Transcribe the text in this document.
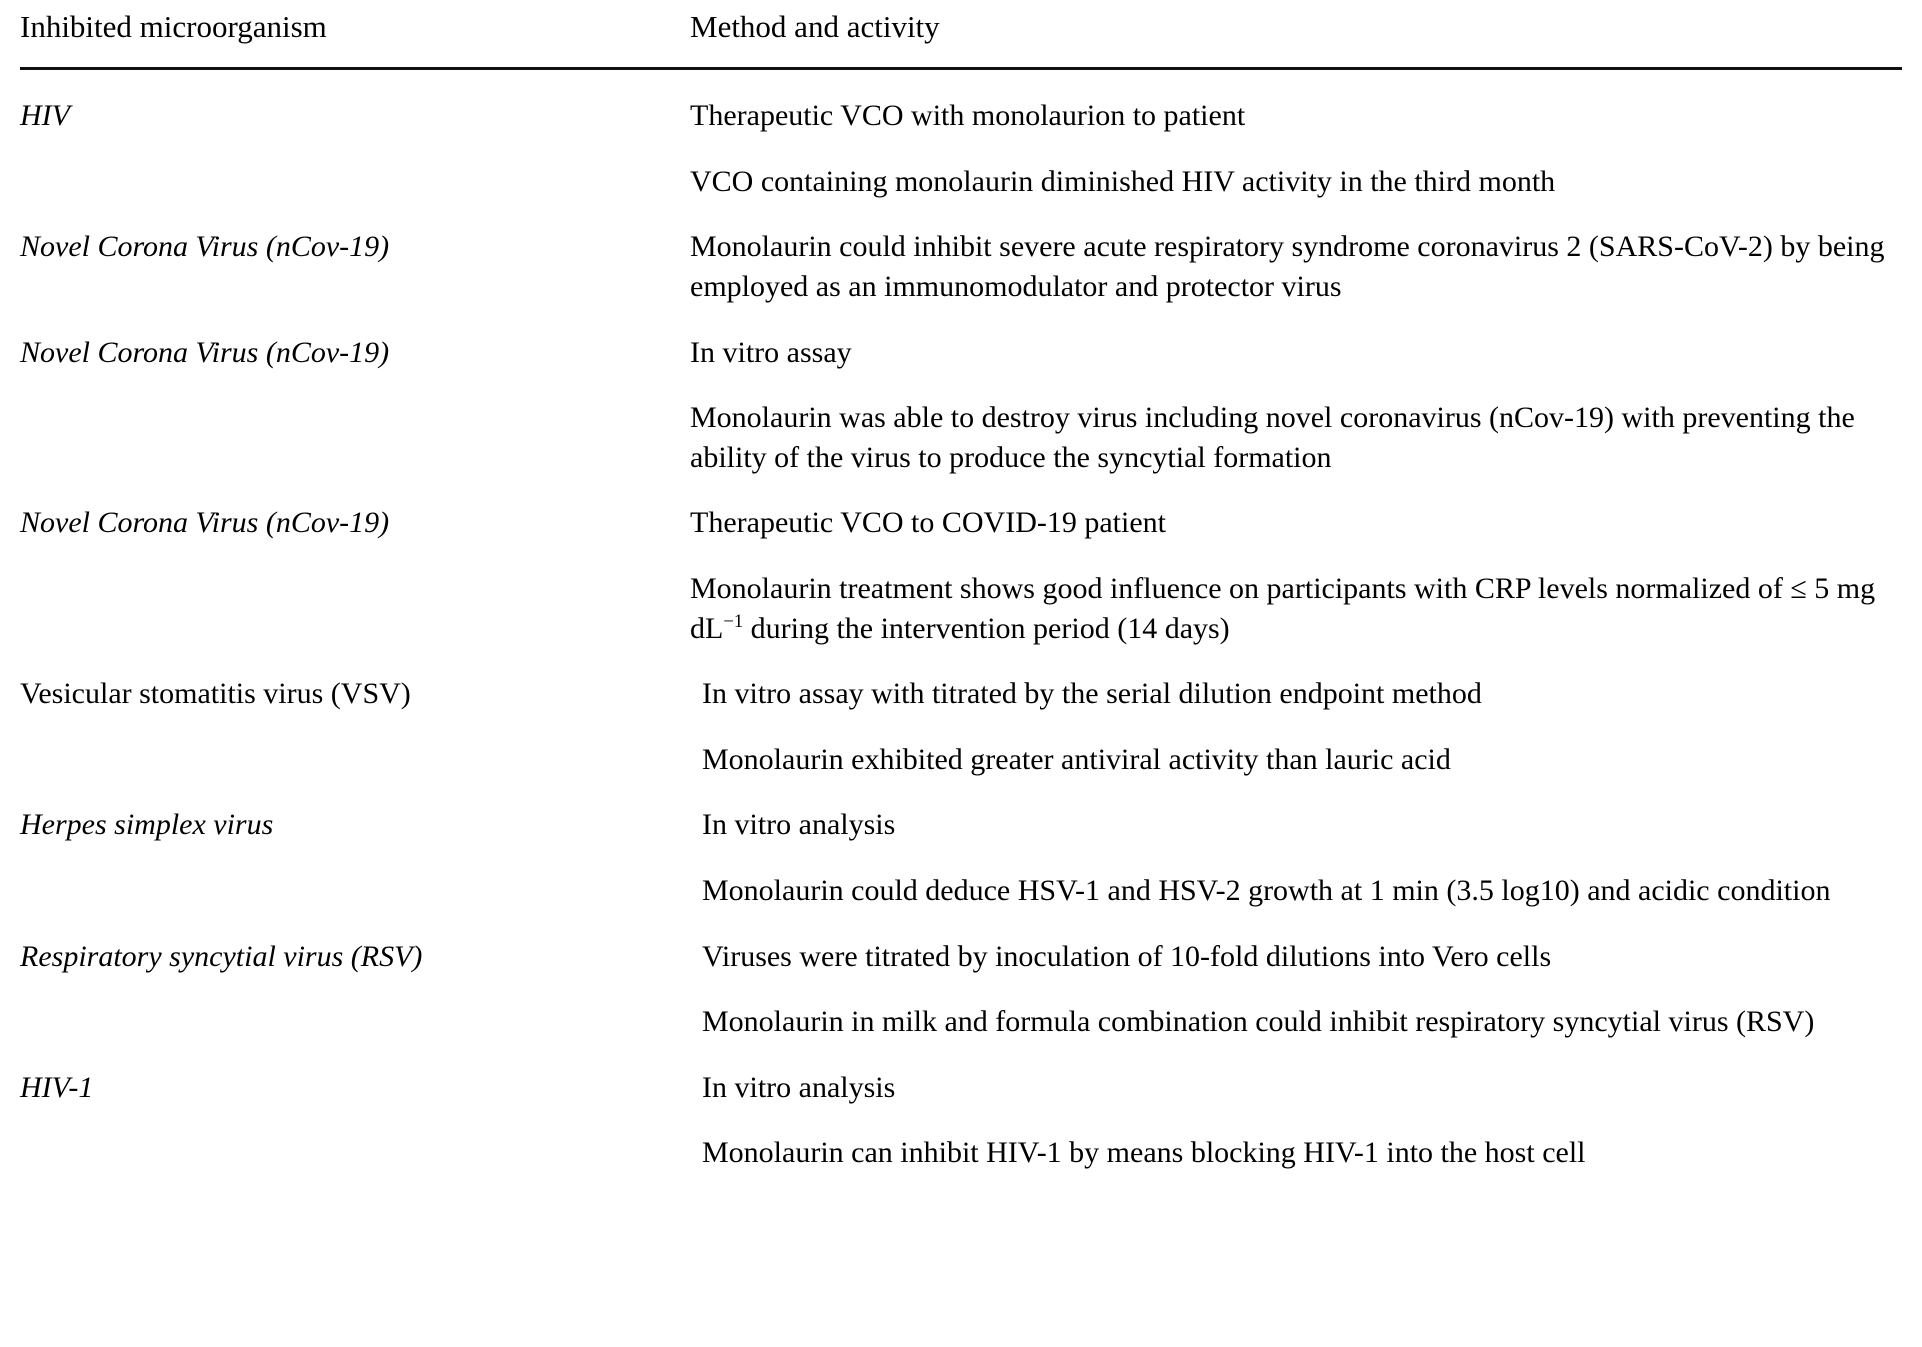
Inhibited microorganism	Method and activity
HIV	Therapeutic VCO with monolaurion to patient
VCO containing monolaurin diminished HIV activity in the third month

Novel Corona Virus (nCov-19)	Monolaurin could inhibit severe acute respiratory syndrome coronavirus 2 (SARS-CoV-2) by being employed as an immunomodulator and protector virus

Novel Corona Virus (nCov-19)	In vitro assay
Monolaurin was able to destroy virus including novel coronavirus (nCov-19) with preventing the ability of the virus to produce the syncytial formation

Novel Corona Virus (nCov-19)	Therapeutic VCO to COVID-19 patient
Monolaurin treatment shows good influence on participants with CRP levels normalized of ≤ 5 mg $dL^{-1}$ during the intervention period (14 days)

Vesicular stomatitis virus (VSV)	In vitro assay with titrated by the serial dilution endpoint method
Monolaurin exhibited greater antiviral activity than lauric acid

Herpes simplex virus	In vitro analysis
Monolaurin could deduce HSV-1 and HSV-2 growth at 1 min (3.5 log10) and acidic condition

Respiratory syncytial virus (RSV)	Viruses were titrated by inoculation of 10-fold dilutions into Vero cells
Monolaurin in milk and formula combination could inhibit respiratory syncytial virus (RSV)

HIV-1	In vitro analysis
Monolaurin can inhibit HIV-1 by means blocking HIV-1 into the host cell
